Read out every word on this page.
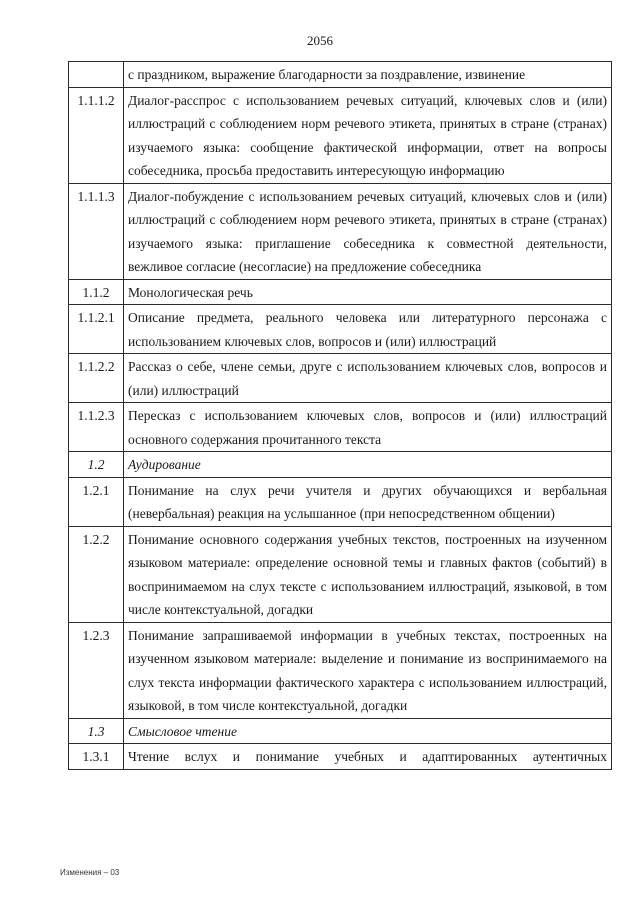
2056
	с праздником, выражение благодарности за поздравление, извинение
1.1.1.2	Диалог-расспрос с использованием речевых ситуаций, ключевых слов и (или) иллюстраций с соблюдением норм речевого этикета, принятых в стране (странах) изучаемого языка: сообщение фактической информации, ответ на вопросы собеседника, просьба предоставить интересующую информацию
1.1.1.3	Диалог-побуждение с использованием речевых ситуаций, ключевых слов и (или) иллюстраций с соблюдением норм речевого этикета, принятых в стране (странах) изучаемого языка: приглашение собеседника к совместной деятельности, вежливое согласие (несогласие) на предложение собеседника
1.1.2	Монологическая речь
1.1.2.1	Описание предмета, реального человека или литературного персонажа с использованием ключевых слов, вопросов и (или) иллюстраций
1.1.2.2	Рассказ о себе, члене семьи, друге с использованием ключевых слов, вопросов и (или) иллюстраций
1.1.2.3	Пересказ с использованием ключевых слов, вопросов и (или) иллюстраций основного содержания прочитанного текста
1.2	Аудирование
1.2.1	Понимание на слух речи учителя и других обучающихся и вербальная (невербальная) реакция на услышанное (при непосредственном общении)
1.2.2	Понимание основного содержания учебных текстов, построенных на изученном языковом материале: определение основной темы и главных фактов (событий) в воспринимаемом на слух тексте с использованием иллюстраций, языковой, в том числе контекстуальной, догадки
1.2.3	Понимание запрашиваемой информации в учебных текстах, построенных на изученном языковом материале: выделение и понимание из воспринимаемого на слух текста информации фактического характера с использованием иллюстраций, языковой, в том числе контекстуальной, догадки
1.3	Смысловое чтение
1.3.1	Чтение вслух и понимание учебных и адаптированных аутентичных
Изменения – 03
